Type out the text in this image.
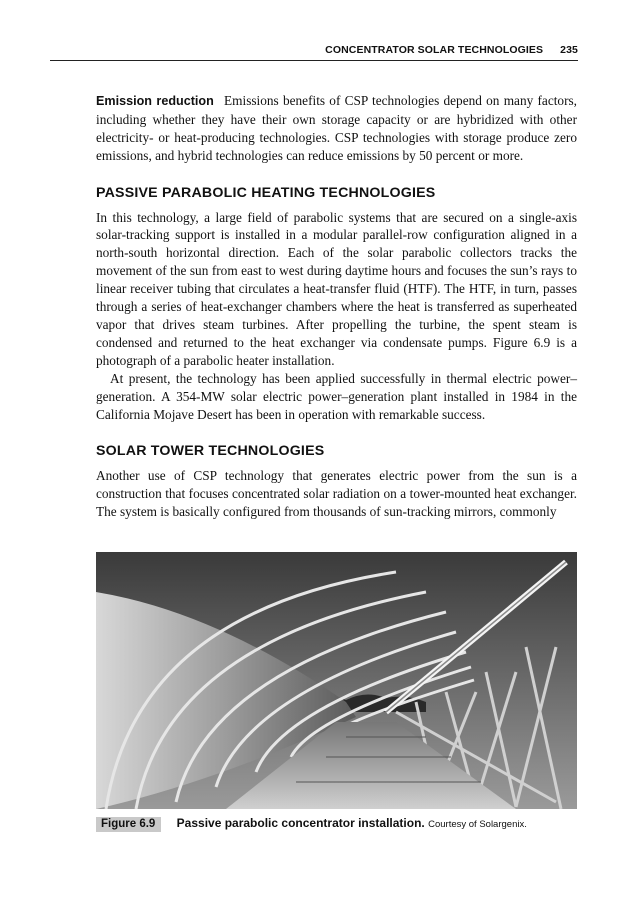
CONCENTRATOR SOLAR TECHNOLOGIES 235

Emission reduction Emissions benefits of CSP technologies depend on many factors, including whether they have their own storage capacity or are hybridized with other electricity- or heat-producing technologies. CSP technologies with storage produce zero emissions, and hybrid technologies can reduce emissions by 50 percent or more.

PASSIVE PARABOLIC HEATING TECHNOLOGIES

In this technology, a large field of parabolic systems that are secured on a single-axis solar-tracking support is installed in a modular parallel-row configuration aligned in a north-south horizontal direction. Each of the solar parabolic collectors tracks the movement of the sun from east to west during daytime hours and focuses the sun’s rays to linear receiver tubing that circulates a heat-transfer fluid (HTF). The HTF, in turn, passes through a series of heat-exchanger chambers where the heat is transferred as superheated vapor that drives steam turbines. After propelling the turbine, the spent steam is condensed and returned to the heat exchanger via condensate pumps. Figure 6.9 is a photograph of a parabolic heater installation.

At present, the technology has been applied successfully in thermal electric power–generation. A 354-MW solar electric power–generation plant installed in 1984 in the California Mojave Desert has been in operation with remarkable success.

SOLAR TOWER TECHNOLOGIES

Another use of CSP technology that generates electric power from the sun is a construction that focuses concentrated solar radiation on a tower-mounted heat exchanger. The system is basically configured from thousands of sun-tracking mirrors, commonly

Figure 6.9 Passive parabolic concentrator installation. Courtesy of Solargenix.
